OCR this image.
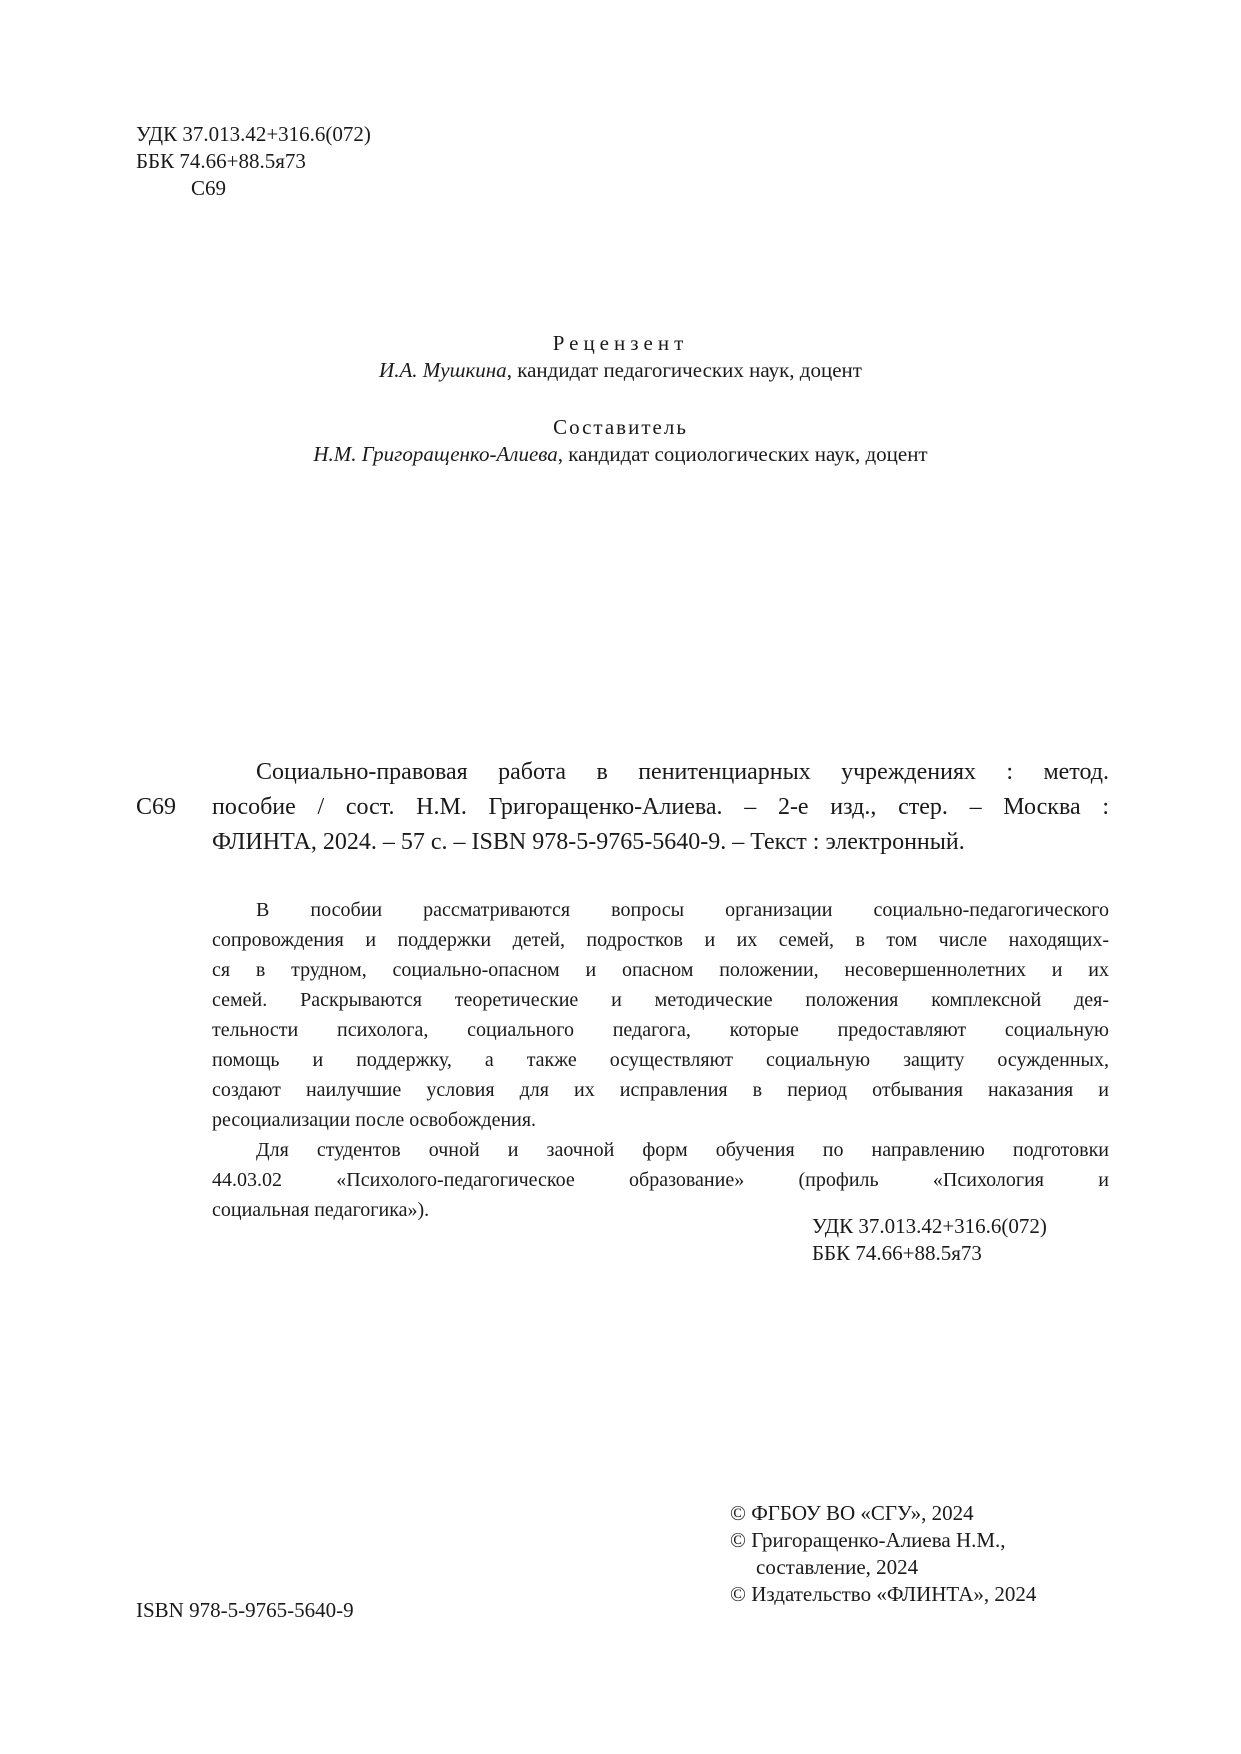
УДК 37.013.42+316.6(072)
ББК 74.66+88.5я73
С69
Рецензент
И.А. Мушкина, кандидат педагогических наук, доцент
Составитель
Н.М. Григоращенко-Алиева, кандидат социологических наук, доцент
С69
Социально-правовая работа в пенитенциарных учреждениях : метод.
пособие / сост. Н.М. Григоращенко-Алиева. – 2-е изд., стер. – Москва :
ФЛИНТА, 2024. – 57 с. – ISBN 978-5-9765-5640-9. – Текст : электронный.
В пособии рассматриваются вопросы организации социально-педагогического
сопровождения и поддержки детей, подростков и их семей, в том числе находящих-
ся в трудном, социально-опасном и опасном положении, несовершеннолетних и их
семей. Раскрываются теоретические и методические положения комплексной дея-
тельности психолога, социального педагога, которые предоставляют социальную
помощь и поддержку, а также осуществляют социальную защиту осужденных,
создают наилучшие условия для их исправления в период отбывания наказания и
ресоциализации после освобождения.
Для студентов очной и заочной форм обучения по направлению подготовки
44.03.02 «Психолого-педагогическое образование» (профиль «Психология и
социальная педагогика»).
УДК 37.013.42+316.6(072)
ББК 74.66+88.5я73
© ФГБОУ ВО «СГУ», 2024
© Григоращенко-Алиева Н.М.,
составление, 2024
© Издательство «ФЛИНТА», 2024
ISBN 978-5-9765-5640-9
